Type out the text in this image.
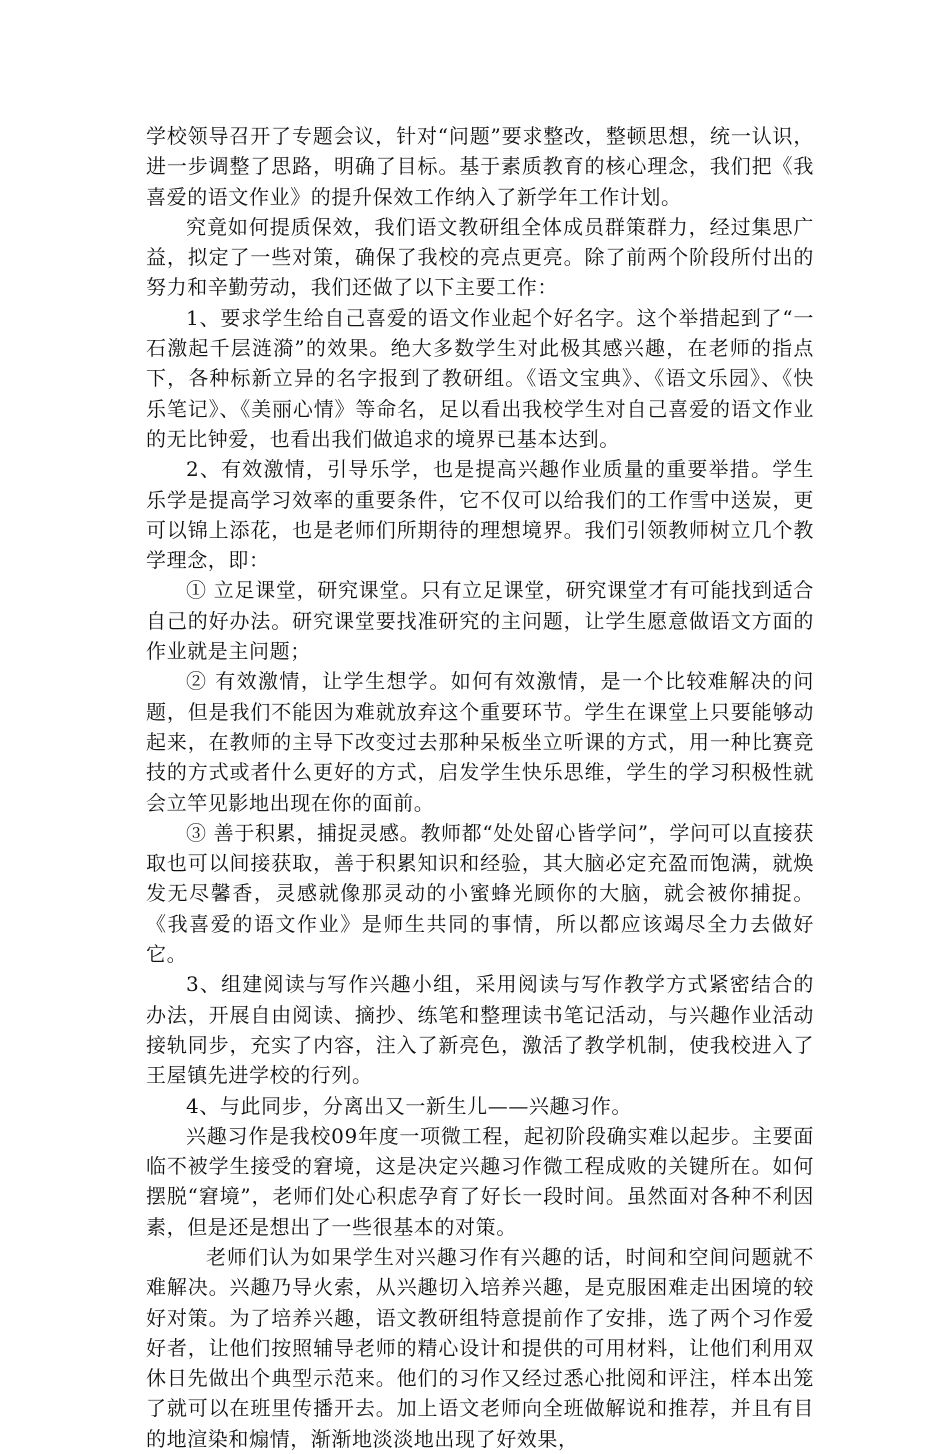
学校领导召开了专题会议，针对“问题”要求整改，整顿思想，统一认识，进一步调整了思路，明确了目标。基于素质教育的核心理念，我们把《我喜爱的语文作业》的提升保效工作纳入了新学年工作计划。

究竟如何提质保效，我们语文教研组全体成员群策群力，经过集思广益，拟定了一些对策，确保了我校的亮点更亮。除了前两个阶段所付出的努力和辛勤劳动，我们还做了以下主要工作：

1、要求学生给自己喜爱的语文作业起个好名字。这个举措起到了“一石激起千层涟漪”的效果。绝大多数学生对此极其感兴趣，在老师的指点下，各种标新立异的名字报到了教研组。《语文宝典》、《语文乐园》、《快乐笔记》、《美丽心情》等命名，足以看出我校学生对自己喜爱的语文作业的无比钟爱，也看出我们做追求的境界已基本达到。

2、有效激情，引导乐学，也是提高兴趣作业质量的重要举措。学生乐学是提高学习效率的重要条件，它不仅可以给我们的工作雪中送炭，更可以锦上添花，也是老师们所期待的理想境界。我们引领教师树立几个教学理念，即：

① 立足课堂，研究课堂。只有立足课堂，研究课堂才有可能找到适合自己的好办法。研究课堂要找准研究的主问题，让学生愿意做语文方面的作业就是主问题；

② 有效激情，让学生想学。如何有效激情，是一个比较难解决的问题，但是我们不能因为难就放弃这个重要环节。学生在课堂上只要能够动起来，在教师的主导下改变过去那种呆板坐立听课的方式，用一种比赛竞技的方式或者什么更好的方式，启发学生快乐思维，学生的学习积极性就会立竿见影地出现在你的面前。

③ 善于积累，捕捉灵感。教师都“处处留心皆学问”，学问可以直接获取也可以间接获取，善于积累知识和经验，其大脑必定充盈而饱满，就焕发无尽馨香，灵感就像那灵动的小蜜蜂光顾你的大脑，就会被你捕捉。《我喜爱的语文作业》是师生共同的事情，所以都应该竭尽全力去做好它。

3、组建阅读与写作兴趣小组，采用阅读与写作教学方式紧密结合的办法，开展自由阅读、摘抄、练笔和整理读书笔记活动，与兴趣作业活动接轨同步，充实了内容，注入了新亮色，激活了教学机制，使我校进入了王屋镇先进学校的行列。

4、与此同步，分离出又一新生儿——兴趣习作。

兴趣习作是我校09年度一项微工程，起初阶段确实难以起步。主要面临不被学生接受的窘境，这是决定兴趣习作微工程成败的关键所在。如何摆脱“窘境”，老师们处心积虑孕育了好长一段时间。虽然面对各种不利因素，但是还是想出了一些很基本的对策。

老师们认为如果学生对兴趣习作有兴趣的话，时间和空间问题就不难解决。兴趣乃导火索，从兴趣切入培养兴趣，是克服困难走出困境的较好对策。为了培养兴趣，语文教研组特意提前作了安排，选了两个习作爱好者，让他们按照辅导老师的精心设计和提供的可用材料，让他们利用双休日先做出个典型示范来。他们的习作又经过悉心批阅和评注，样本出笼了就可以在班里传播开去。加上语文老师向全班做解说和推荐，并且有目的地渲染和煽情，渐渐地淡淡地出现了好效果，
